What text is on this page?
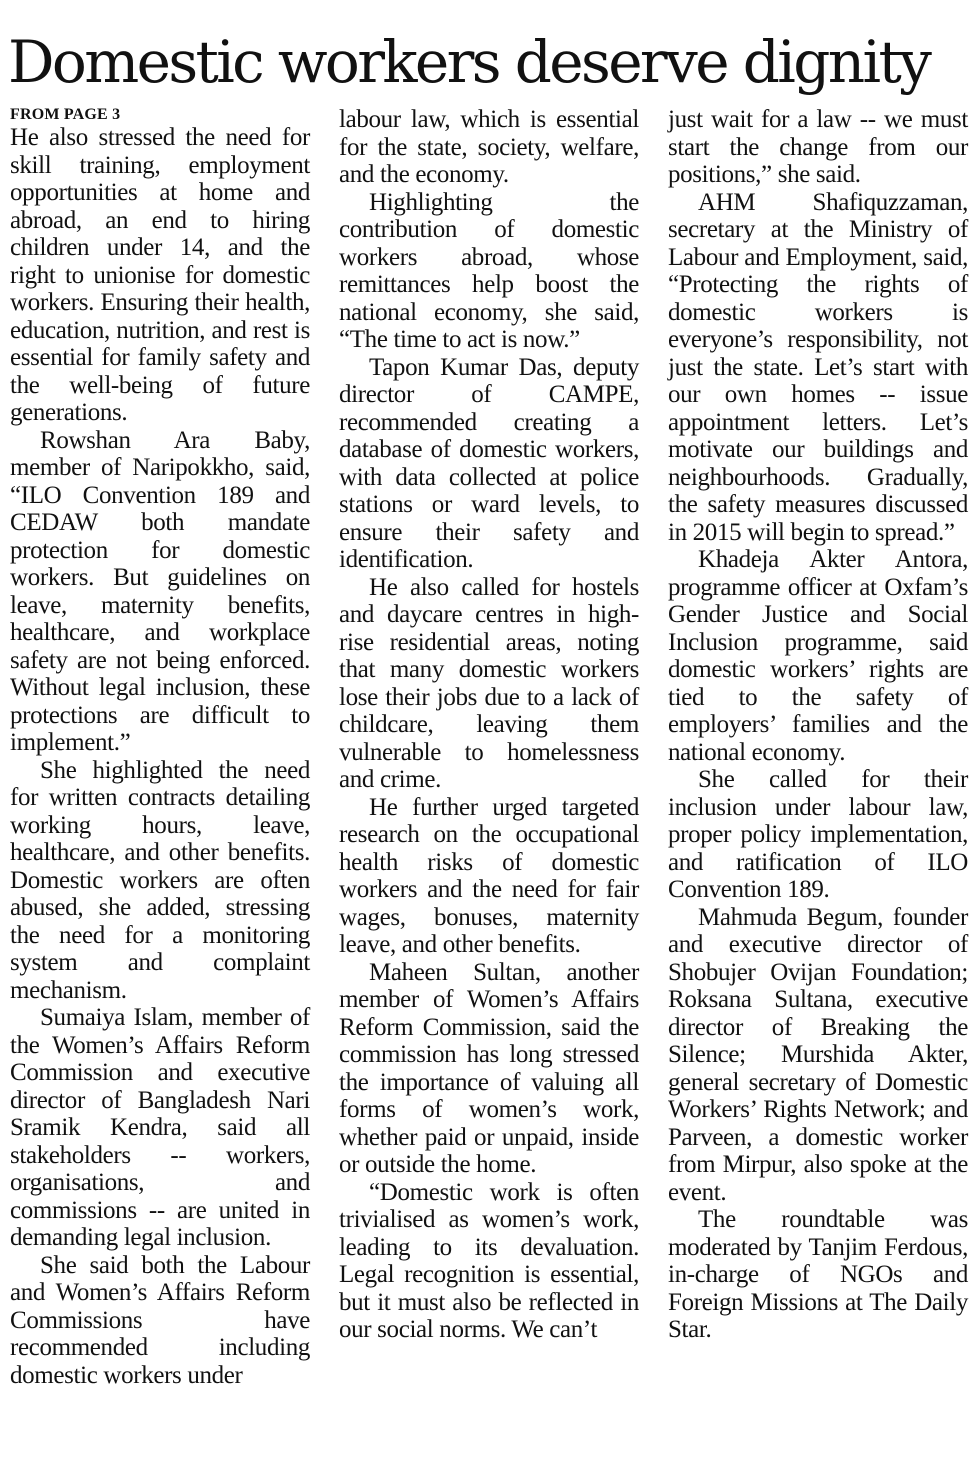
Domestic workers deserve dignity
FROM PAGE 3

He also stressed the need for skill training, employment opportunities at home and abroad, an end to hiring children under 14, and the right to unionise for domestic workers. Ensuring their health, education, nutrition, and rest is essential for family safety and the well-being of future generations.

Rowshan Ara Baby, member of Naripokkho, said, “ILO Convention 189 and CEDAW both mandate protection for domestic workers. But guidelines on leave, maternity benefits, healthcare, and workplace safety are not being enforced. Without legal inclusion, these protections are difficult to implement.”

She highlighted the need for written contracts detailing working hours, leave, healthcare, and other benefits. Domestic workers are often abused, she added, stressing the need for a monitoring system and complaint mechanism.

Sumaiya Islam, member of the Women’s Affairs Reform Commission and executive director of Bangladesh Nari Sramik Kendra, said all stakeholders -- workers, organisations, and commissions -- are united in demanding legal inclusion.

She said both the Labour and Women’s Affairs Reform Commissions have recommended including domestic workers under

labour law, which is essential for the state, society, welfare, and the economy.

Highlighting the contribution of domestic workers abroad, whose remittances help boost the national economy, she said, “The time to act is now.”

Tapon Kumar Das, deputy director of CAMPE, recommended creating a database of domestic workers, with data collected at police stations or ward levels, to ensure their safety and identification.

He also called for hostels and daycare centres in high-rise residential areas, noting that many domestic workers lose their jobs due to a lack of childcare, leaving them vulnerable to homelessness and crime.

He further urged targeted research on the occupational health risks of domestic workers and the need for fair wages, bonuses, maternity leave, and other benefits.

Maheen Sultan, another member of Women’s Affairs Reform Commission, said the commission has long stressed the importance of valuing all forms of women’s work, whether paid or unpaid, inside or outside the home.

“Domestic work is often trivialised as women’s work, leading to its devaluation. Legal recognition is essential, but it must also be reflected in our social norms. We can’t

just wait for a law -- we must start the change from our positions,” she said.

AHM Shafiquzzaman, secretary at the Ministry of Labour and Employment, said, “Protecting the rights of domestic workers is everyone’s responsibility, not just the state. Let’s start with our own homes -- issue appointment letters. Let’s motivate our buildings and neighbourhoods. Gradually, the safety measures discussed in 2015 will begin to spread.”

Khadeja Akter Antora, programme officer at Oxfam’s Gender Justice and Social Inclusion programme, said domestic workers’ rights are tied to the safety of employers’ families and the national economy.

She called for their inclusion under labour law, proper policy implementation, and ratification of ILO Convention 189.

Mahmuda Begum, founder and executive director of Shobujer Ovijan Foundation; Roksana Sultana, executive director of Breaking the Silence; Murshida Akter, general secretary of Domestic Workers’ Rights Network; and Parveen, a domestic worker from Mirpur, also spoke at the event.

The roundtable was moderated by Tanjim Ferdous, in-charge of NGOs and Foreign Missions at The Daily Star.
